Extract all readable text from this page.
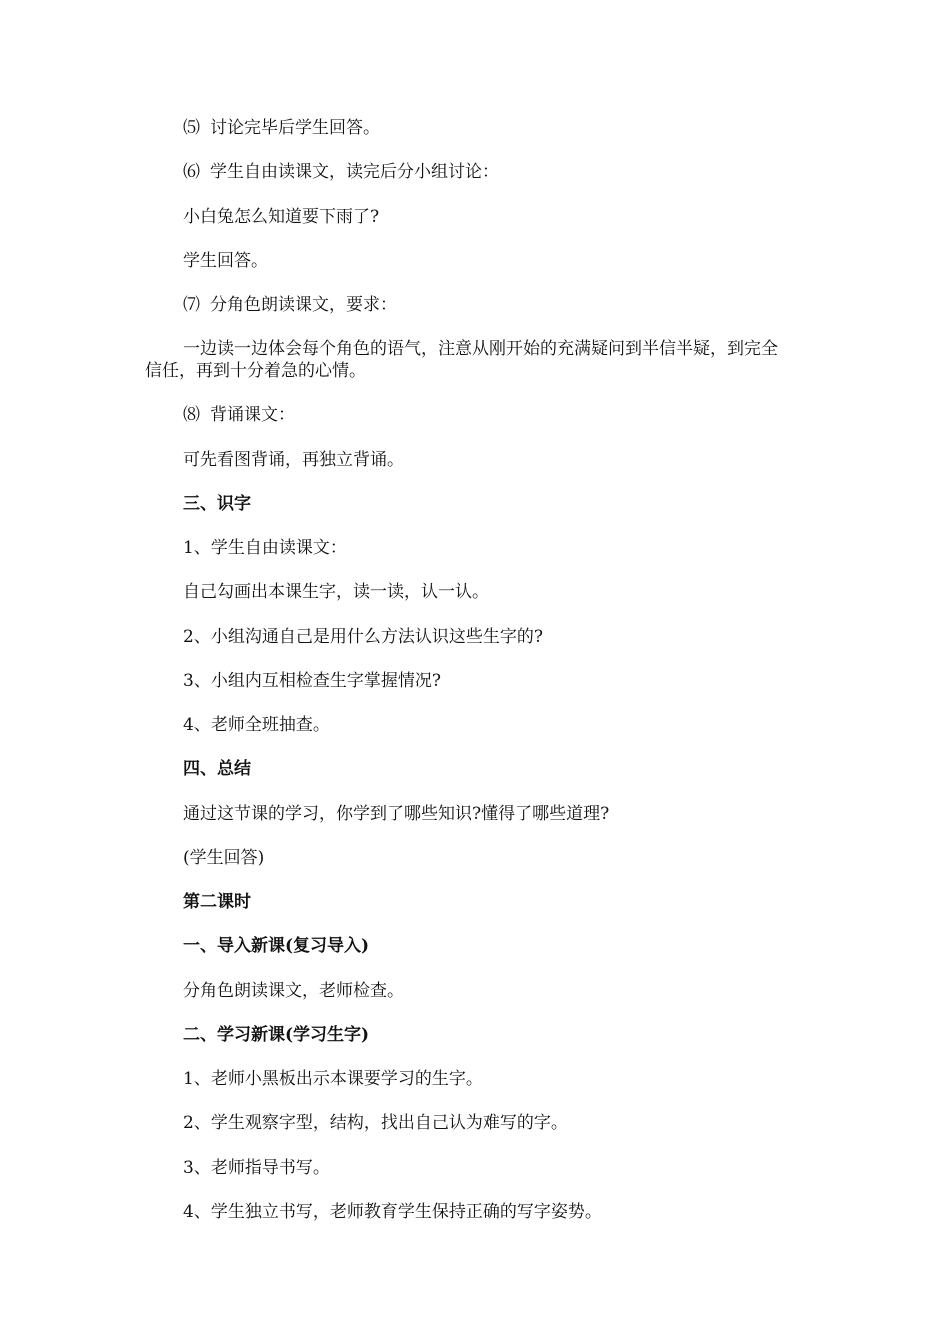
⑸ 讨论完毕后学生回答。
⑹ 学生自由读课文，读完后分小组讨论：
小白兔怎么知道要下雨了?
学生回答。
⑺ 分角色朗读课文，要求：
一边读一边体会每个角色的语气，注意从刚开始的充满疑问到半信半疑，到完全信任，再到十分着急的心情。
⑻ 背诵课文：
可先看图背诵，再独立背诵。
三、识字
1、学生自由读课文：
自己勾画出本课生字，读一读，认一认。
2、小组沟通自己是用什么方法认识这些生字的?
3、小组内互相检查生字掌握情况?
4、老师全班抽查。
四、总结
通过这节课的学习，你学到了哪些知识?懂得了哪些道理?
(学生回答)
第二课时
一、导入新课(复习导入)
分角色朗读课文，老师检查。
二、学习新课(学习生字)
1、老师小黑板出示本课要学习的生字。
2、学生观察字型，结构，找出自己认为难写的字。
3、老师指导书写。
4、学生独立书写，老师教育学生保持正确的写字姿势。
